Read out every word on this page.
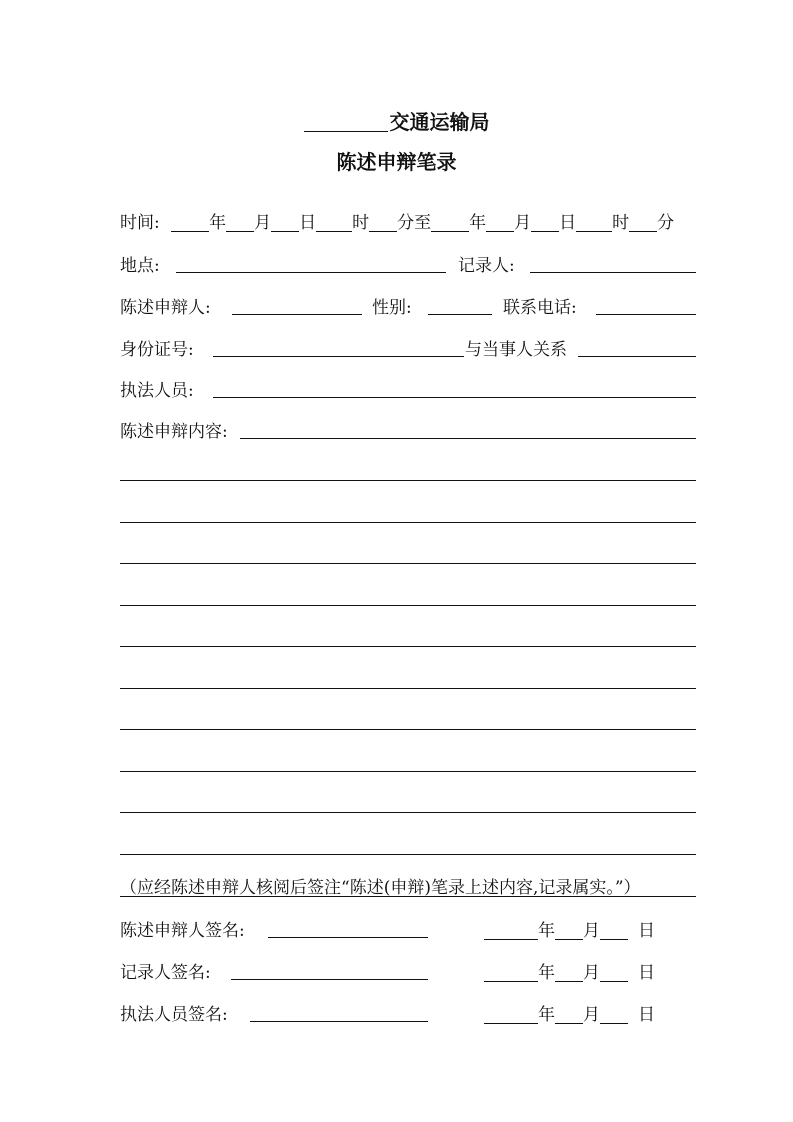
交通运输局
陈述申辩笔录
时间:	年 月 日 时 分至 年 月 日 时 分
地点:	记录人:
陈述申辩人:	性别:	联系电话:
身份证号:	与当事人关系
执法人员:
陈述申辩内容:
（应经陈述申辩人核阅后签注“陈述(申辩)笔录上述内容,记录属实。”）
陈述申辩人签名:	年 月 日
记录人签名:	年 月 日
执法人员签名:	年 月 日
